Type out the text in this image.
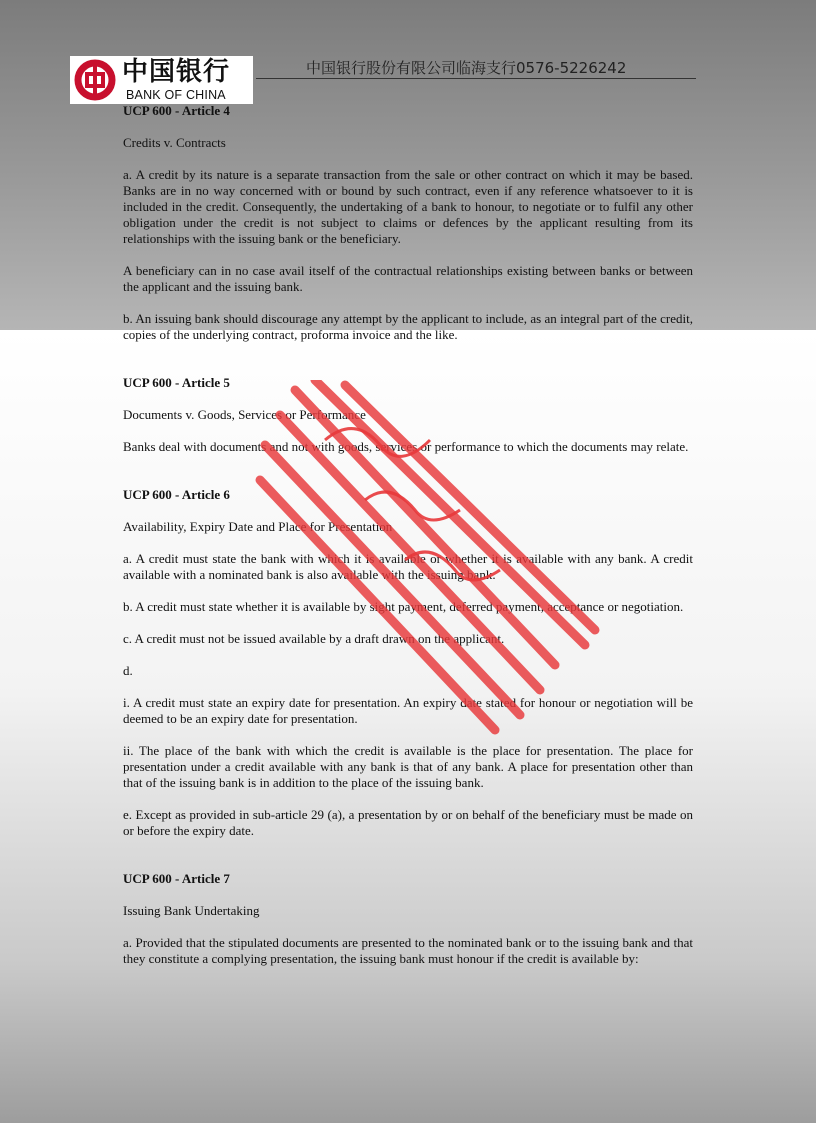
中国银行
BANK OF CHINA
中国银行股份有限公司临海支行0576-5226242

UCP 600 - Article 4

Credits v. Contracts

a. A credit by its nature is a separate transaction from the sale or other contract on which it may be based. Banks are in no way concerned with or bound by such contract, even if any reference whatsoever to it is included in the credit. Consequently, the undertaking of a bank to honour, to negotiate or to fulfil any other obligation under the credit is not subject to claims or defences by the applicant resulting from its relationships with the issuing bank or the beneficiary.

A beneficiary can in no case avail itself of the contractual relationships existing between banks or between the applicant and the issuing bank.

b. An issuing bank should discourage any attempt by the applicant to include, as an integral part of the credit, copies of the underlying contract, proforma invoice and the like.

UCP 600 - Article 5

Documents v. Goods, Services or Performance

Banks deal with documents and not with goods, services or performance to which the documents may relate.

UCP 600 - Article 6

Availability, Expiry Date and Place for Presentation

a. A credit must state the bank with which it is available or whether it is available with any bank. A credit available with a nominated bank is also available with the issuing bank.

b. A credit must state whether it is available by sight payment, deferred payment, acceptance or negotiation.

c. A credit must not be issued available by a draft drawn on the applicant.

d.

i. A credit must state an expiry date for presentation. An expiry date stated for honour or negotiation will be deemed to be an expiry date for presentation.

ii. The place of the bank with which the credit is available is the place for presentation. The place for presentation under a credit available with any bank is that of any bank. A place for presentation other than that of the issuing bank is in addition to the place of the issuing bank.

e. Except as provided in sub-article 29 (a), a presentation by or on behalf of the beneficiary must be made on or before the expiry date.

UCP 600 - Article 7

Issuing Bank Undertaking

a. Provided that the stipulated documents are presented to the nominated bank or to the issuing bank and that they constitute a complying presentation, the issuing bank must honour if the credit is available by:
